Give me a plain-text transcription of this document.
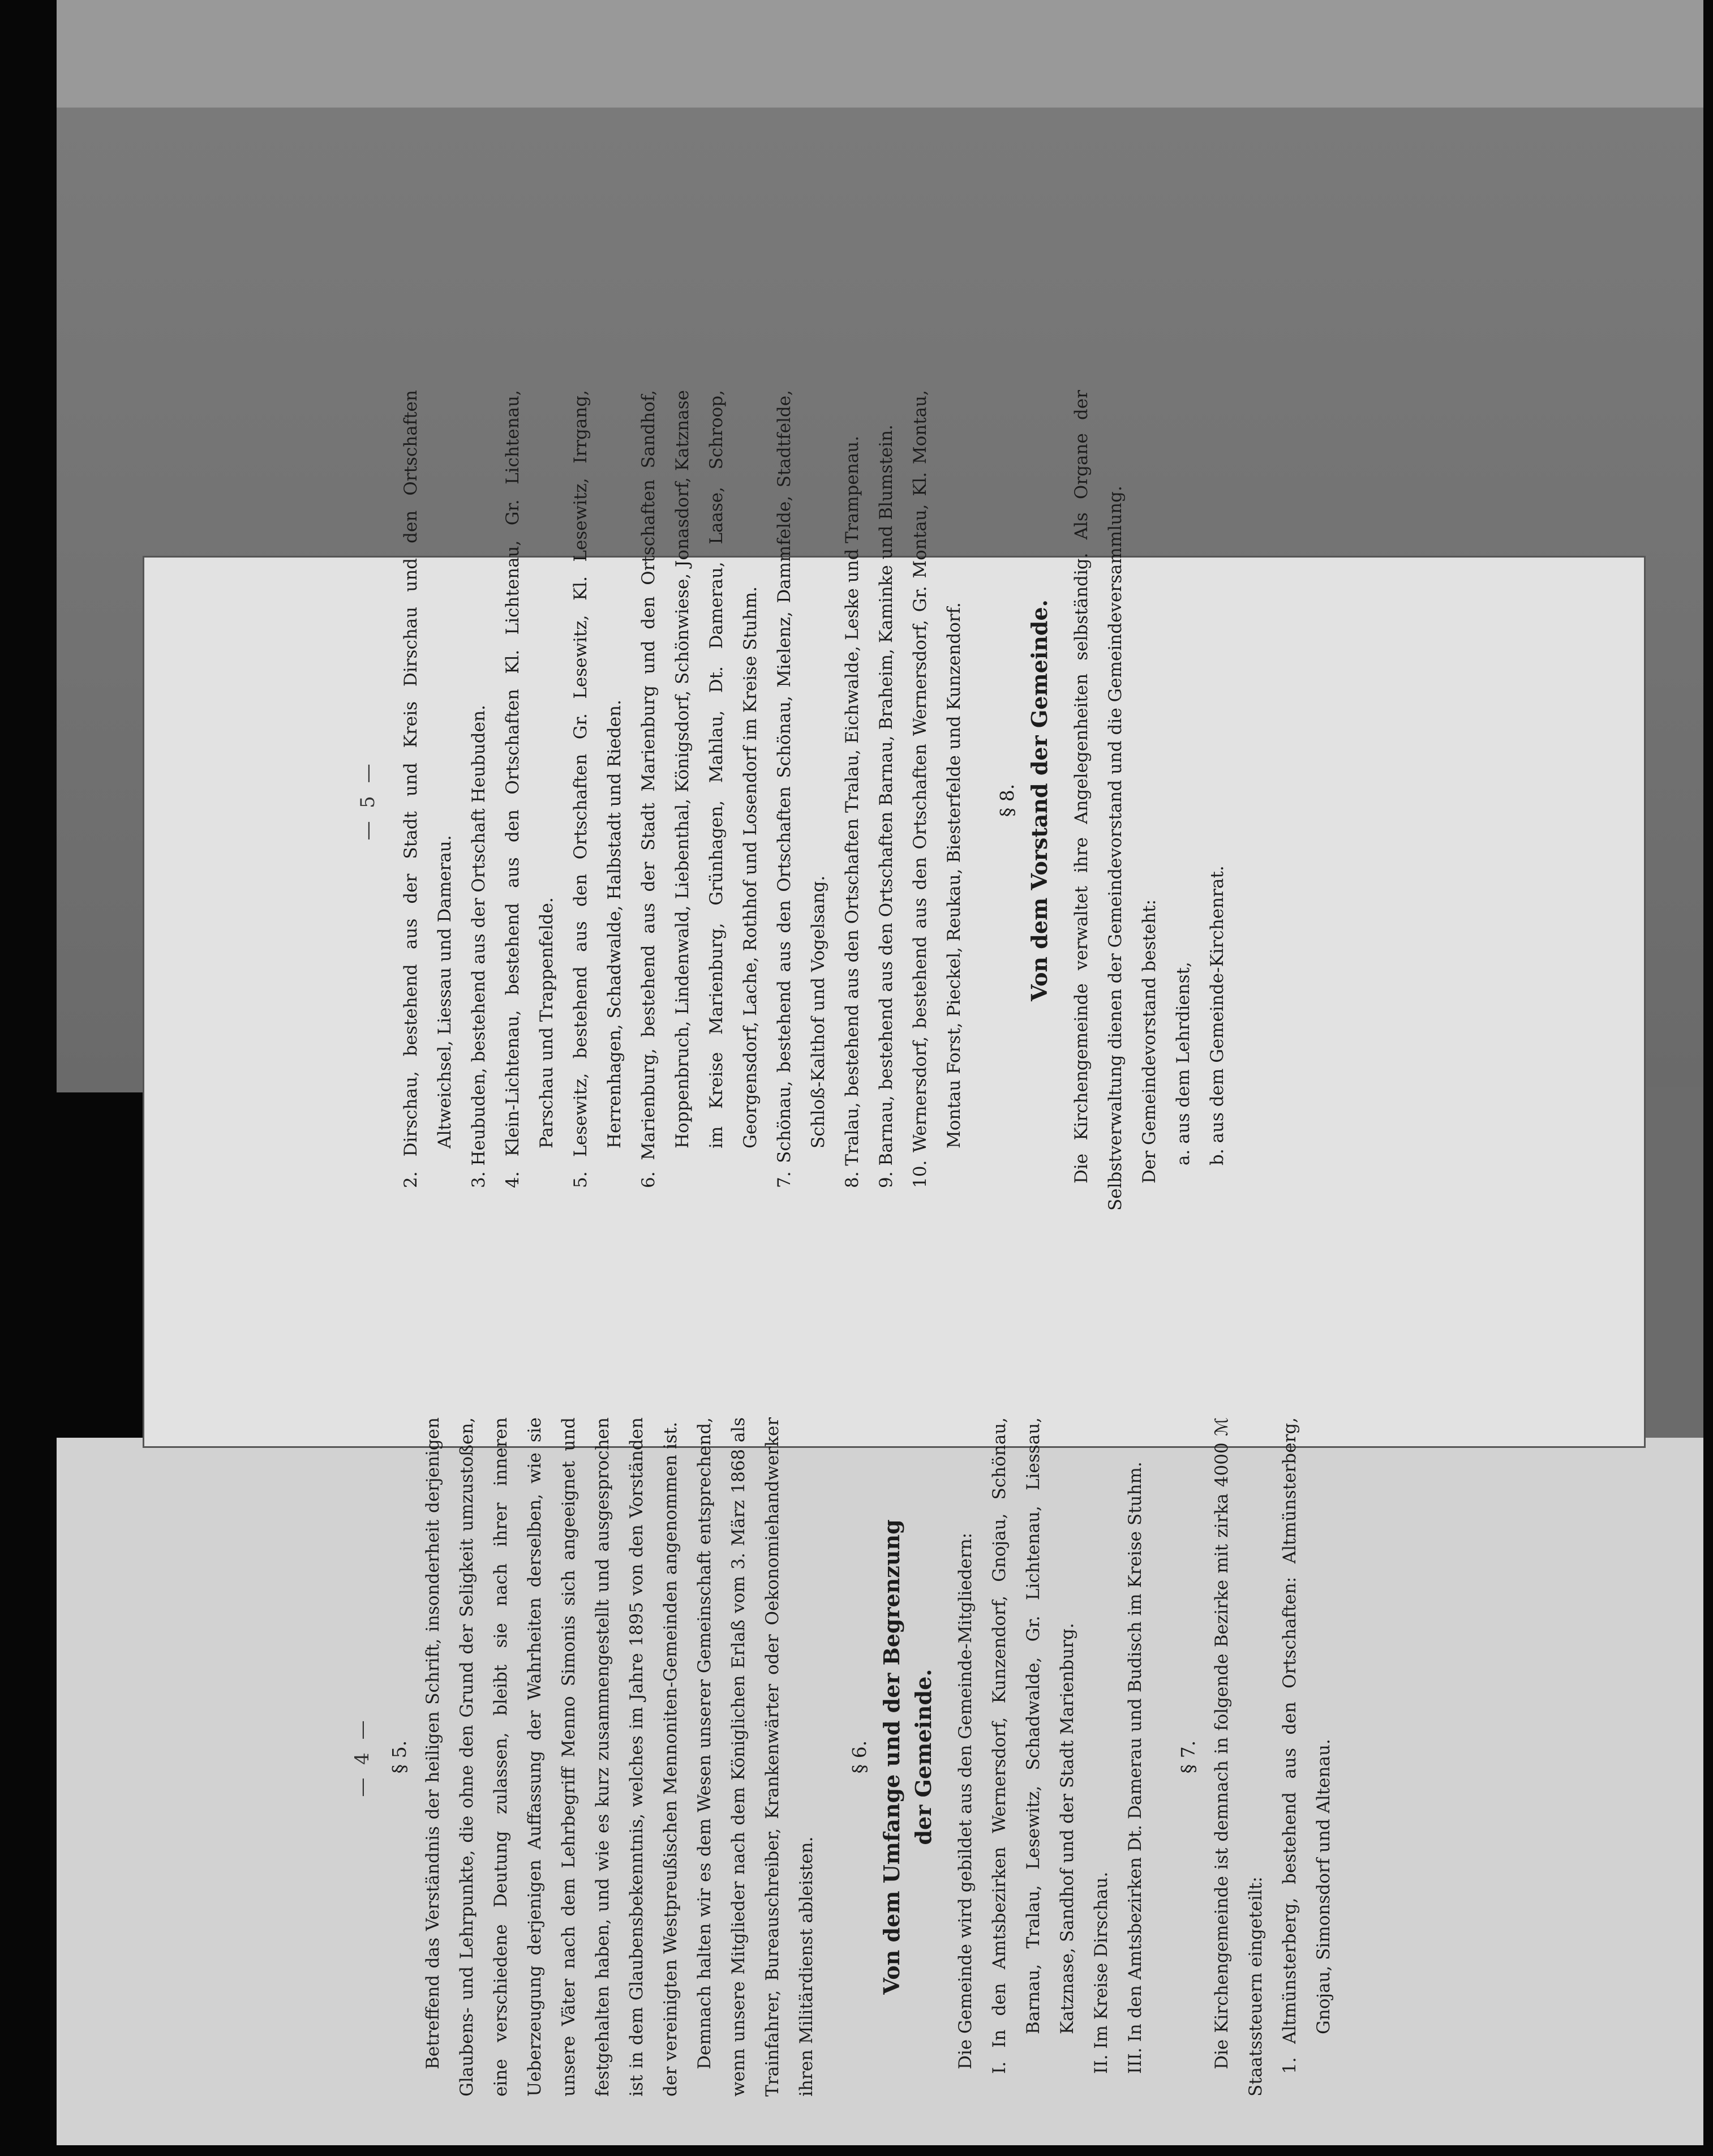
— 4 — § 5. Betreffend das Verständnis der heiligen Schrift, insonderheit derjenigen Glaubens- und Lehrpunkte, die ohne den Grund der Seligkeit umzustoßen, eine verschiedene Deutung zulassen, bleibt sie nach ihrer inneren Ueberzeugung derjenigen Auffassung der Wahrheiten derselben, wie sie unsere Väter nach dem Lehrbegriff Menno Simonis sich angeeignet und festgehalten haben, und wie es kurz zusammengestellt und ausgesprochen ist in dem Glaubensbekenntnis, welches im Jahre 1895 von den Vorständen der vereinigten Westpreußischen Mennoniten-Gemeinden angenommen ist. Demnach halten wir es dem Wesen unserer Gemeinschaft entsprechend, wenn unsere Mitglieder nach dem Königlichen Erlaß vom 3. März 1868 als Trainfahrer, Bureauschreiber, Krankenwärter oder Oekonomiehandwerker ihren Militärdienst ableisten.

§ 6. Von dem Umfange und der Begrenzung der Gemeinde.	Die Gemeinde wird gebildet aus den Gemeinde-Mitgliedern: I. In den Amtsbezirken Wernersdorf, Kunzendorf, Gnojau, Schönau, Barnau, Tralau, Lesewitz, Schadwalde, Gr. Lichtenau, Liessau, Katznase, Sandhof und der Stadt Marienburg.
II. Im Kreise Dirschau.
III. In den Amtsbezirken Dt. Damerau und Budisch im Kreise Stuhm.	§ 7. Die Kirchengemeinde ist demnach in folgende Bezirke mit zirka 4000 ℳ Staatssteuern eingeteilt: 1. Altmünsterberg, bestehend aus den Ortschaften: Altmünsterberg, Gnojau, Simonsdorf und Altenau.
— 5 —
2. Dirschau, bestehend aus der Stadt und Kreis Dirschau und den Ortschaften Altweichsel, Liessau und Damerau.
3. Heubuden, bestehend aus der Ortschaft Heubuden.
4. Klein-Lichtenau, bestehend aus den Ortschaften Kl. Lichtenau, Gr. Lichtenau, Parschau und Trappenfelde.
5. Lesewitz, bestehend aus den Ortschaften Gr. Lesewitz, Kl. Lesewitz, Irrgang, Herrenhagen, Schadwalde, Halbstadt und Rieden.
6. Marienburg, bestehend aus der Stadt Marienburg und den Ortschaften Sandhof, Hoppenbruch, Lindenwald, Liebenthal, Königsdorf, Schönwiese, Jonasdorf, Katznase im Kreise Marienburg, Grünhagen, Mahlau, Dt. Damerau, Laase, Schroop, Georgensdorf, Lache, Rothhof und Losendorf im Kreise Stuhm.
7. Schönau, bestehend aus den Ortschaften Schönau, Mielenz, Dammfelde, Stadtfelde, Schloß-Kalthof und Vogelsang.
8. Tralau, bestehend aus den Ortschaften Tralau, Eichwalde, Leske und Trampenau.
9. Barnau, bestehend aus den Ortschaften Barnau, Braheim, Kaminke und Blumstein.
10. Wernersdorf, bestehend aus den Ortschaften Wernersdorf, Gr. Montau, Kl. Montau, Montau Forst, Pieckel, Reukau, Biesterfelde und Kunzendorf.	§ 8. Von dem Vorstand der Gemeinde.	Die Kirchengemeinde verwaltet ihre Angelegenheiten selbständig. Als Organe der Selbstverwaltung dienen der Gemeindevorstand und die Gemeindeversammlung. Der Gemeindevorstand besteht: a. aus dem Lehrdienst,
b. aus dem Gemeinde-Kirchenrat.
